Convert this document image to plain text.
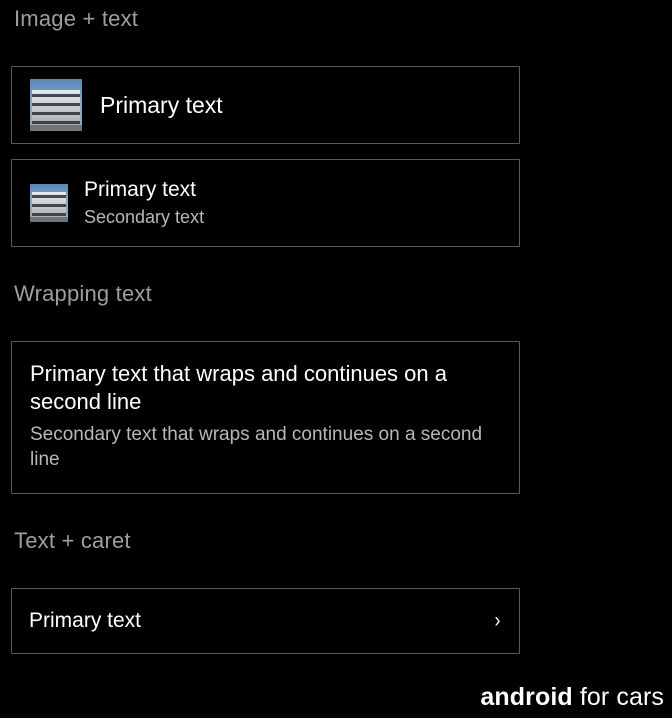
Image + text
Primary text
Primary text
Secondary text
Wrapping text
Primary text that wraps and continues on a second line
Secondary text that wraps and continues on a second line
Text + caret
Primary text	›
android for cars
